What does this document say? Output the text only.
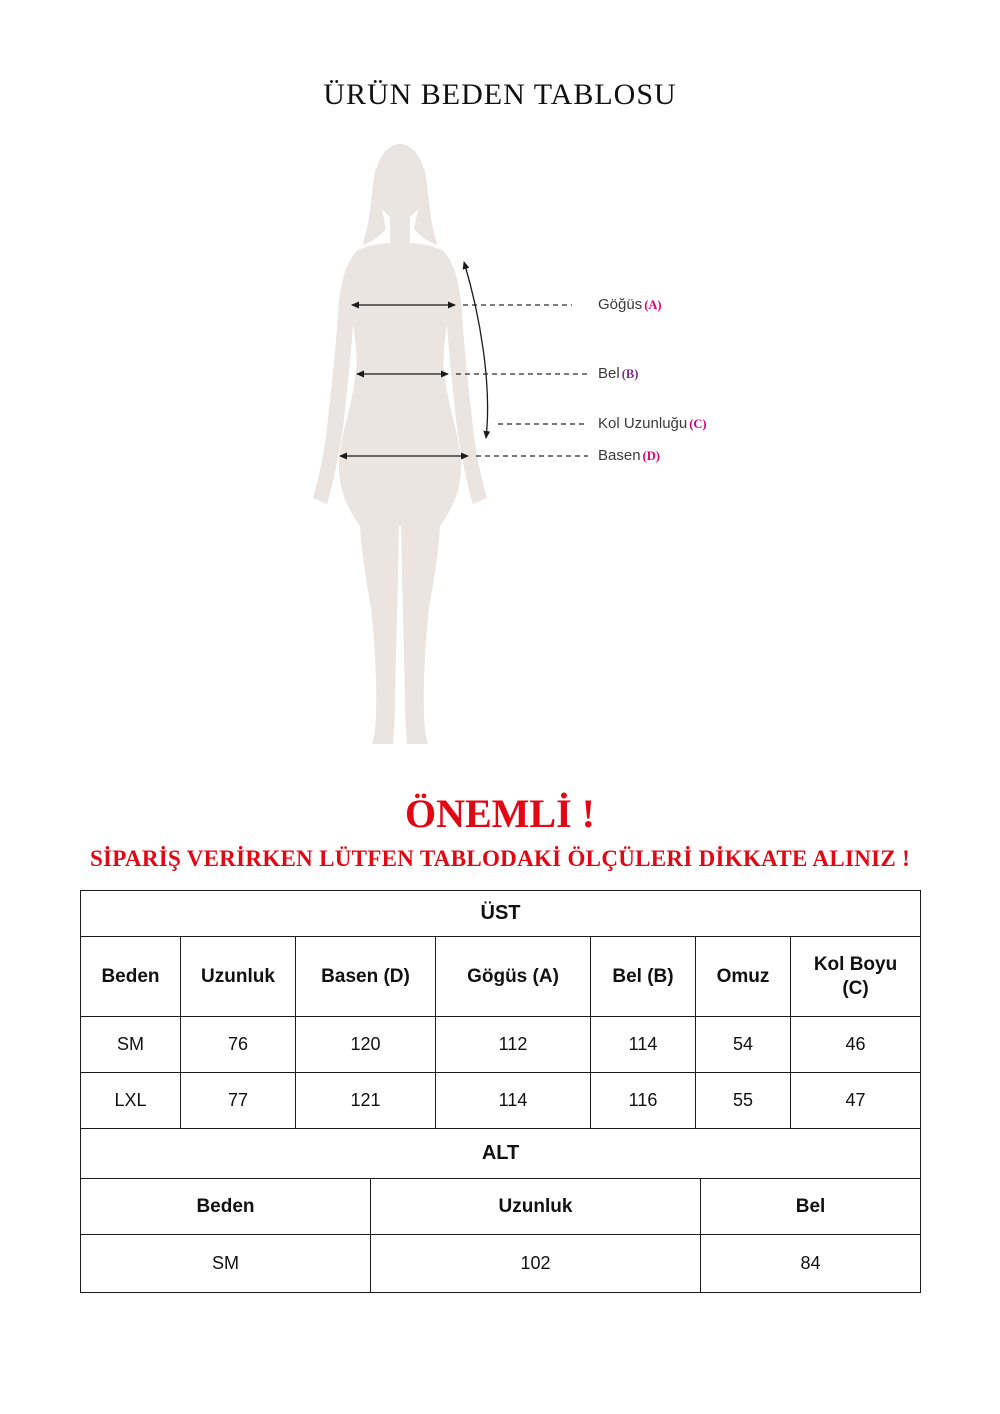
ÜRÜN BEDEN TABLOSU
Göğüs (A)
Bel (B)
Kol Uzunluğu (C)
Basen (D)
ÖNEMLİ !
SİPARİŞ VERİRKEN LÜTFEN TABLODAKİ ÖLÇÜLERİ DİKKATE ALINIZ !
ÜST						
Beden	Uzunluk	Basen (D)	Gögüs (A)	Bel (B)	Omuz	Kol Boyu (C)
SM	76	120	112	114	54	46
LXL	77	121	114	116	55	47
ALT		
Beden	Uzunluk	Bel
SM	102	84
